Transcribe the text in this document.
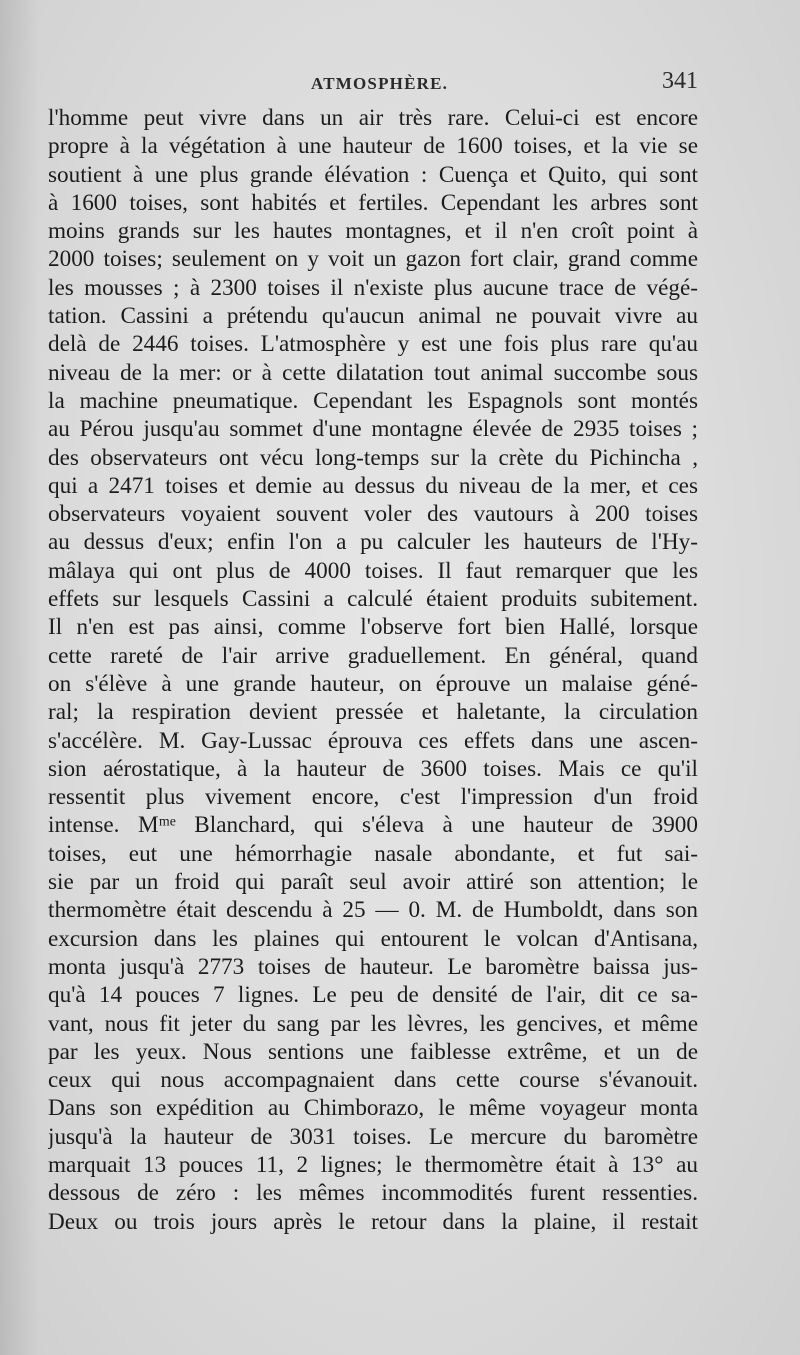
ATMOSPHÈRE.	341
l'homme peut vivre dans un air très rare. Celui-ci est encore
propre à la végétation à une hauteur de 1600 toises, et la vie se
soutient à une plus grande élévation : Cuença et Quito, qui sont
à 1600 toises, sont habités et fertiles. Cependant les arbres sont
moins grands sur les hautes montagnes, et il n'en croît point à
2000 toises; seulement on y voit un gazon fort clair, grand comme
les mousses ; à 2300 toises il n'existe plus aucune trace de végé-
tation. Cassini a prétendu qu'aucun animal ne pouvait vivre au
delà de 2446 toises. L'atmosphère y est une fois plus rare qu'au
niveau de la mer: or à cette dilatation tout animal succombe sous
la machine pneumatique. Cependant les Espagnols sont montés
au Pérou jusqu'au sommet d'une montagne élevée de 2935 toises ;
des observateurs ont vécu long-temps sur la crète du Pichincha ,
qui a 2471 toises et demie au dessus du niveau de la mer, et ces
observateurs voyaient souvent voler des vautours à 200 toises
au dessus d'eux; enfin l'on a pu calculer les hauteurs de l'Hy-
mâlaya qui ont plus de 4000 toises. Il faut remarquer que les
effets sur lesquels Cassini a calculé étaient produits subitement.
Il n'en est pas ainsi, comme l'observe fort bien Hallé, lorsque
cette rareté de l'air arrive graduellement. En général, quand
on s'élève à une grande hauteur, on éprouve un malaise géné-
ral; la respiration devient pressée et haletante, la circulation
s'accélère. M. Gay-Lussac éprouva ces effets dans une ascen-
sion aérostatique, à la hauteur de 3600 toises. Mais ce qu'il
ressentit plus vivement encore, c'est l'impression d'un froid
intense. Mᵐᵉ Blanchard, qui s'éleva à une hauteur de 3900
toises, eut une hémorrhagie nasale abondante, et fut sai-
sie par un froid qui paraît seul avoir attiré son attention; le
thermomètre était descendu à 25 — 0. M. de Humboldt, dans son
excursion dans les plaines qui entourent le volcan d'Antisana,
monta jusqu'à 2773 toises de hauteur. Le baromètre baissa jus-
qu'à 14 pouces 7 lignes. Le peu de densité de l'air, dit ce sa-
vant, nous fit jeter du sang par les lèvres, les gencives, et même
par les yeux. Nous sentions une faiblesse extrême, et un de
ceux qui nous accompagnaient dans cette course s'évanouit.
Dans son expédition au Chimborazo, le même voyageur monta
jusqu'à la hauteur de 3031 toises. Le mercure du baromètre
marquait 13 pouces 11, 2 lignes; le thermomètre était à 13° au
dessous de zéro : les mêmes incommodités furent ressenties.
Deux ou trois jours après le retour dans la plaine, il restait
